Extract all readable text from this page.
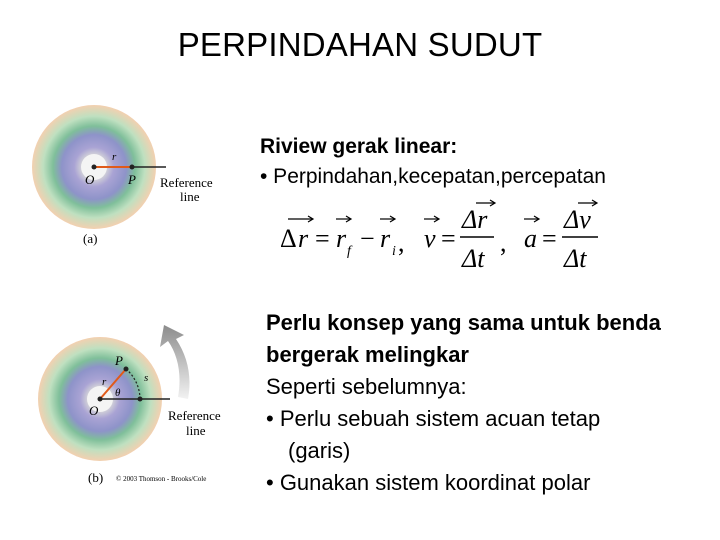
PERPINDAHAN SUDUT
r
O	P Reference
line
(a)
P
s
r
θ
O	Reference
line
(b) © 2003 Thomson - Brooks/Cole
Riview gerak linear:
• Perpindahan,kecepatan,percepatan
Δ r = r f − r i , v =
Δr
Δt
, a =
Δv
Δt
Perlu konsep yang sama untuk benda
bergerak melingkar
Seperti sebelumnya:
• Perlu sebuah sistem acuan tetap
(garis)
• Gunakan sistem koordinat polar
